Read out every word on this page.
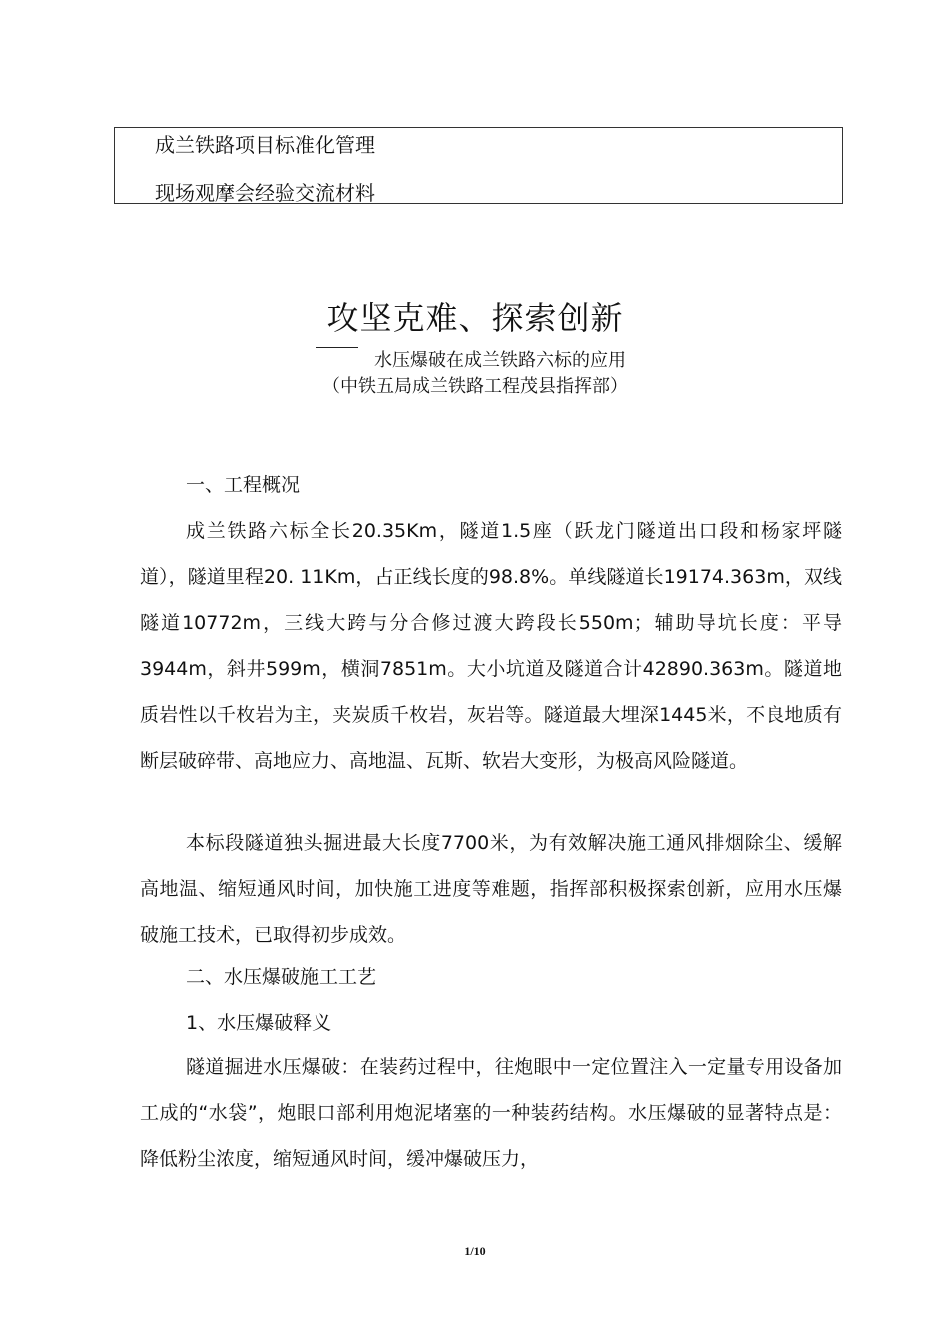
成兰铁路项目标准化管理
现场观摩会经验交流材料
攻坚克难、探索创新
水压爆破在成兰铁路六标的应用
（中铁五局成兰铁路工程茂县指挥部）
一、工程概况
成兰铁路六标全长20.35Km，隧道1.5座（跃龙门隧道出口段和杨家坪隧道），隧道里程20. 11Km，占正线长度的98.8%。单线隧道长19174.363m，双线隧道10772m，三线大跨与分合修过渡大跨段长550m；辅助导坑长度：平导3944m，斜井599m，横洞7851m。大小坑道及隧道合计42890.363m。隧道地质岩性以千枚岩为主，夹炭质千枚岩，灰岩等。隧道最大埋深1445米，不良地质有断层破碎带、高地应力、高地温、瓦斯、软岩大变形，为极高风险隧道。
本标段隧道独头掘进最大长度7700米，为有效解决施工通风排烟除尘、缓解高地温、缩短通风时间，加快施工进度等难题，指挥部积极探索创新，应用水压爆破施工技术，已取得初步成效。
二、水压爆破施工工艺
1、水压爆破释义
隧道掘进水压爆破：在装药过程中，往炮眼中一定位置注入一定量专用设备加工成的“水袋”，炮眼口部利用炮泥堵塞的一种装药结构。水压爆破的显著特点是：降低粉尘浓度，缩短通风时间，缓冲爆破压力，
1/10
